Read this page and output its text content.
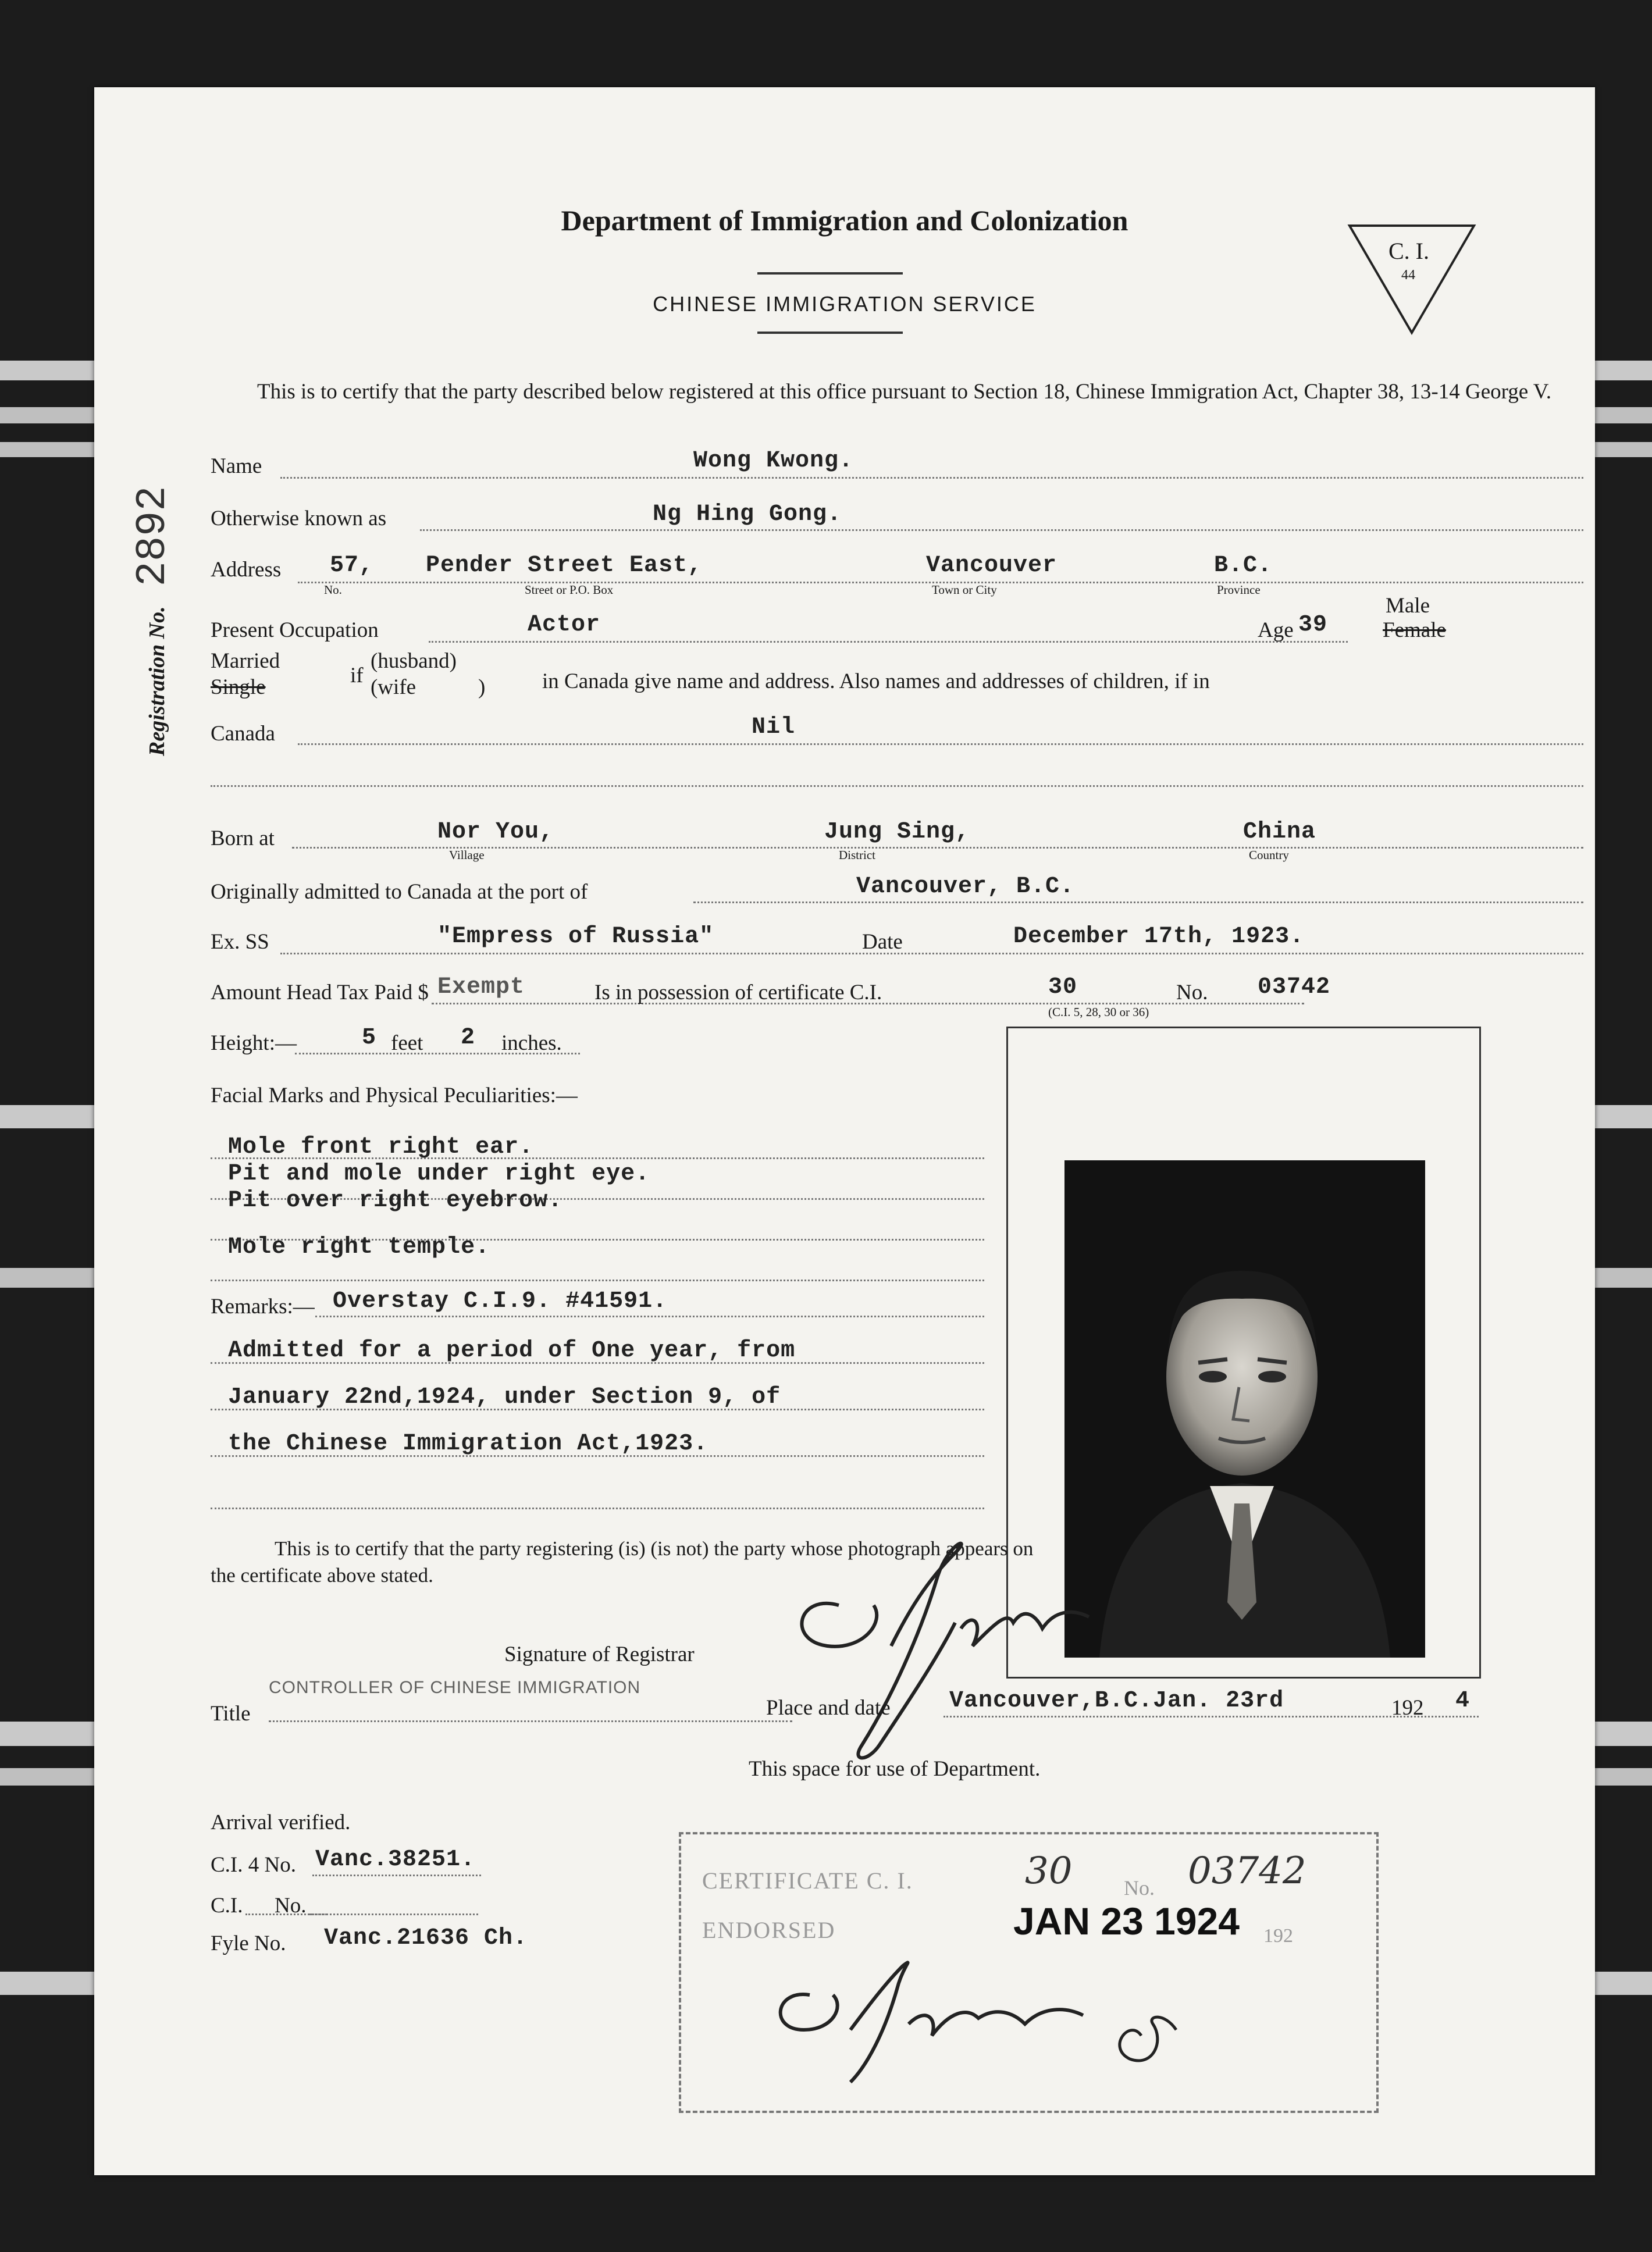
Department of Immigration and Colonization
CHINESE IMMIGRATION SERVICE
C. I.
44
Registration No. 2892
This is to certify that the party described below registered at this office pursuant to Section 18, Chinese Immigration Act, Chapter 38, 13-14 George V.
Name	Wong Kwong.
Otherwise known as	Ng Hing Gong.
Address 57, Pender Street East,	Vancouver	B.C.
No.	Street or P.O. Box	Town or City	Province
Present Occupation	Actor	Age 39
Male
Female
Married
Single	if
(husband)
(wife	)	in Canada give name and address. Also names and addresses of children, if in
Canada	Nil
Born at	Nor You,	Jung Sing,	China
Village	District	Country
Originally admitted to Canada at the port of	Vancouver, B.C.
Ex. SS	"Empress of Russia"	Date	December 17th, 1923.
Amount Head Tax Paid $ Exempt	Is in possession of certificate C.I.	30	No. 03742
(C.I. 5, 28, 30 or 36)
Height:—	5 feet 2 inches.
Facial Marks and Physical Peculiarities:—
Mole front right ear.
Pit and mole under right eye.
Pit over right eyebrow.
Mole right temple.
Remarks:— Overstay C.I.9. #41591.
Admitted for a period of One year, from
January 22nd,1924, under Section 9, of
the Chinese Immigration Act,1923.
This is to certify that the party registering (is) (is not) the party whose photograph appears on the certificate above stated.
Signature of Registrar
Title
CONTROLLER OF CHINESE IMMIGRATION
Place and date	Vancouver,B.C.Jan. 23rd	192 4
This space for use of Department.
Arrival verified.
C.I. 4 No. Vanc.38251.
C.I. No.
Fyle No. Vanc.21636 Ch.
CERTIFICATE C. I.	30 No. 03742
ENDORSED	JAN 23 1924 192
